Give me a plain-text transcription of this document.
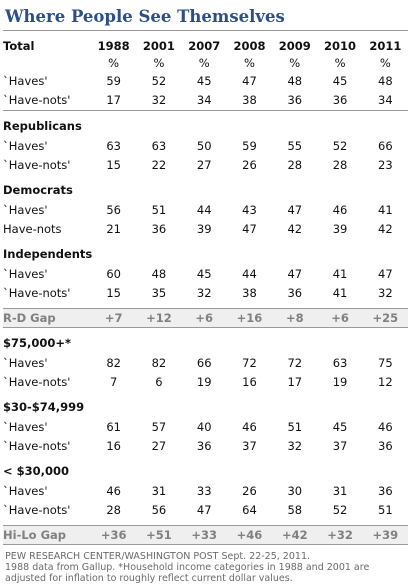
Where People See Themselves
Total	1988	2001	2007	2008	2009	2010	2011
	%	%	%	%	%	%	%
`Haves'	59	52	45	47	48	45	48
`Have-nots'	17	32	34	38	36	36	34
Republicans							
`Haves'	63	63	50	59	55	52	66
`Have-nots'	15	22	27	26	28	28	23
Democrats							
`Haves'	56	51	44	43	47	46	41
Have-nots	21	36	39	47	42	39	42
Independents							
`Haves'	60	48	45	44	47	41	47
`Have-nots'	15	35	32	38	36	41	32

R-D Gap	+7	+12	+6	+16	+8	+6	+25
$75,000+*							
`Haves'	82	82	66	72	72	63	75
`Have-nots'	7	6	19	16	17	19	12
$30-$74,999							
`Haves'	61	57	40	46	51	45	46
`Have-nots'	16	27	36	37	32	37	36
< $30,000							
`Haves'	46	31	33	26	30	31	36
`Have-nots'	28	56	47	64	58	52	51

Hi-Lo Gap	+36	+51	+33	+46	+42	+32	+39
PEW RESEARCH CENTER/WASHINGTON POST Sept. 22-25, 2011.
1988 data from Gallup. *Household income categories in 1988 and 2001 are
adjusted for inflation to roughly reflect current dollar values.
